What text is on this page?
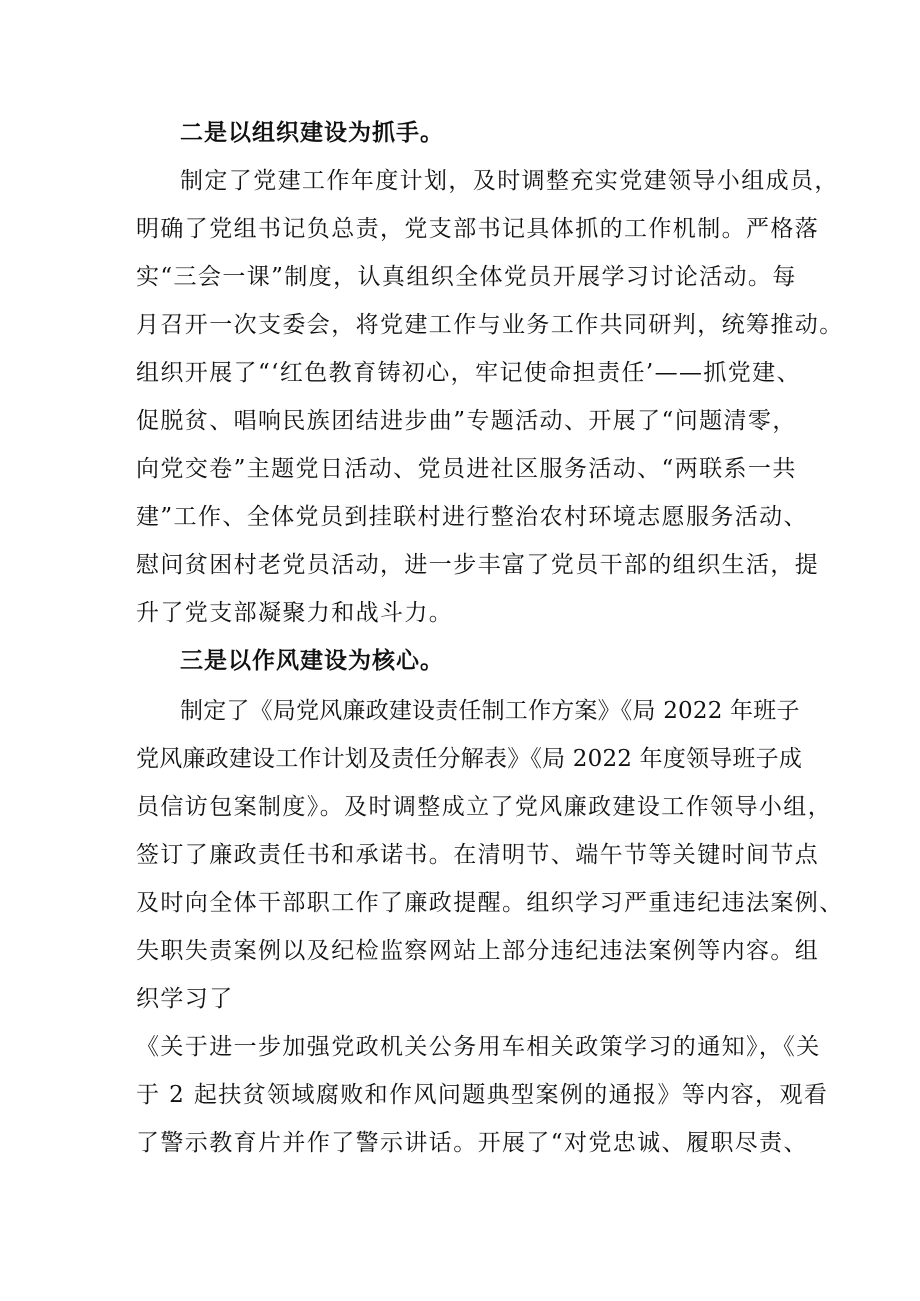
二是以组织建设为抓手。
制定了党建工作年度计划，及时调整充实党建领导小组成员，
明确了党组书记负总责，党支部书记具体抓的工作机制。严格落
实“三会一课”制度，认真组织全体党员开展学习讨论活动。每
月召开一次支委会，将党建工作与业务工作共同研判，统筹推动。
组织开展了“‘红色教育铸初心，牢记使命担责任’——抓党建、
促脱贫、唱响民族团结进步曲”专题活动、开展了“问题清零，
向党交卷”主题党日活动、党员进社区服务活动、“两联系一共
建”工作、全体党员到挂联村进行整治农村环境志愿服务活动、
慰问贫困村老党员活动，进一步丰富了党员干部的组织生活，提
升了党支部凝聚力和战斗力。
三是以作风建设为核心。
制定了《局党风廉政建设责任制工作方案》《局 2022 年班子
党风廉政建设工作计划及责任分解表》《局 2022 年度领导班子成
员信访包案制度》。及时调整成立了党风廉政建设工作领导小组，
签订了廉政责任书和承诺书。在清明节、端午节等关键时间节点
及时向全体干部职工作了廉政提醒。组织学习严重违纪违法案例、
失职失责案例以及纪检监察网站上部分违纪违法案例等内容。组
织学习了
《关于进一步加强党政机关公务用车相关政策学习的通知》，《关
于 2 起扶贫领域腐败和作风问题典型案例的通报》等内容，观看
了警示教育片并作了警示讲话。开展了“对党忠诚、履职尽责、
